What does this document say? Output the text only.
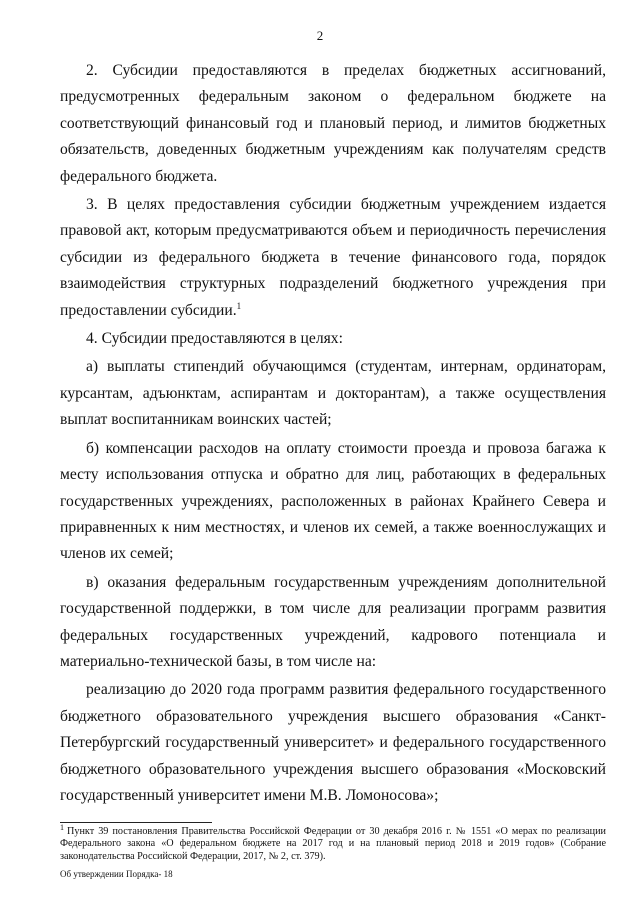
2

2. Субсидии предоставляются в пределах бюджетных ассигнований, предусмотренных федеральным законом о федеральном бюджете на соответствующий финансовый год и плановый период, и лимитов бюджетных обязательств, доведенных бюджетным учреждениям как получателям средств федерального бюджета.

3. В целях предоставления субсидии бюджетным учреждением издается правовой акт, которым предусматриваются объем и периодичность перечисления субсидии из федерального бюджета в течение финансового года, порядок взаимодействия структурных подразделений бюджетного учреждения при предоставлении субсидии.$^1$

4. Субсидии предоставляются в целях:

а) выплаты стипендий обучающимся (студентам, интернам, ординаторам, курсантам, адъюнктам, аспирантам и докторантам), а также осуществления выплат воспитанникам воинских частей;

б) компенсации расходов на оплату стоимости проезда и провоза багажа к месту использования отпуска и обратно для лиц, работающих в федеральных государственных учреждениях, расположенных в районах Крайнего Севера и приравненных к ним местностях, и членов их семей, а также военнослужащих и членов их семей;

в) оказания федеральным государственным учреждениям дополнительной государственной поддержки, в том числе для реализации программ развития федеральных государственных учреждений, кадрового потенциала и материально-технической базы, в том числе на:

реализацию до 2020 года программ развития федерального государственного бюджетного образовательного учреждения высшего образования «Санкт-Петербургский государственный университет» и федерального государственного бюджетного образовательного учреждения высшего образования «Московский государственный университет имени М.В. Ломоносова»;

$^1$ Пункт 39 постановления Правительства Российской Федерации от 30 декабря 2016 г. № 1551 «О мерах по реализации Федерального закона «О федеральном бюджете на 2017 год и на плановый период 2018 и 2019 годов» (Собрание законодательства Российской Федерации, 2017, № 2, ст. 379).
Об утверждении Порядка- 18
